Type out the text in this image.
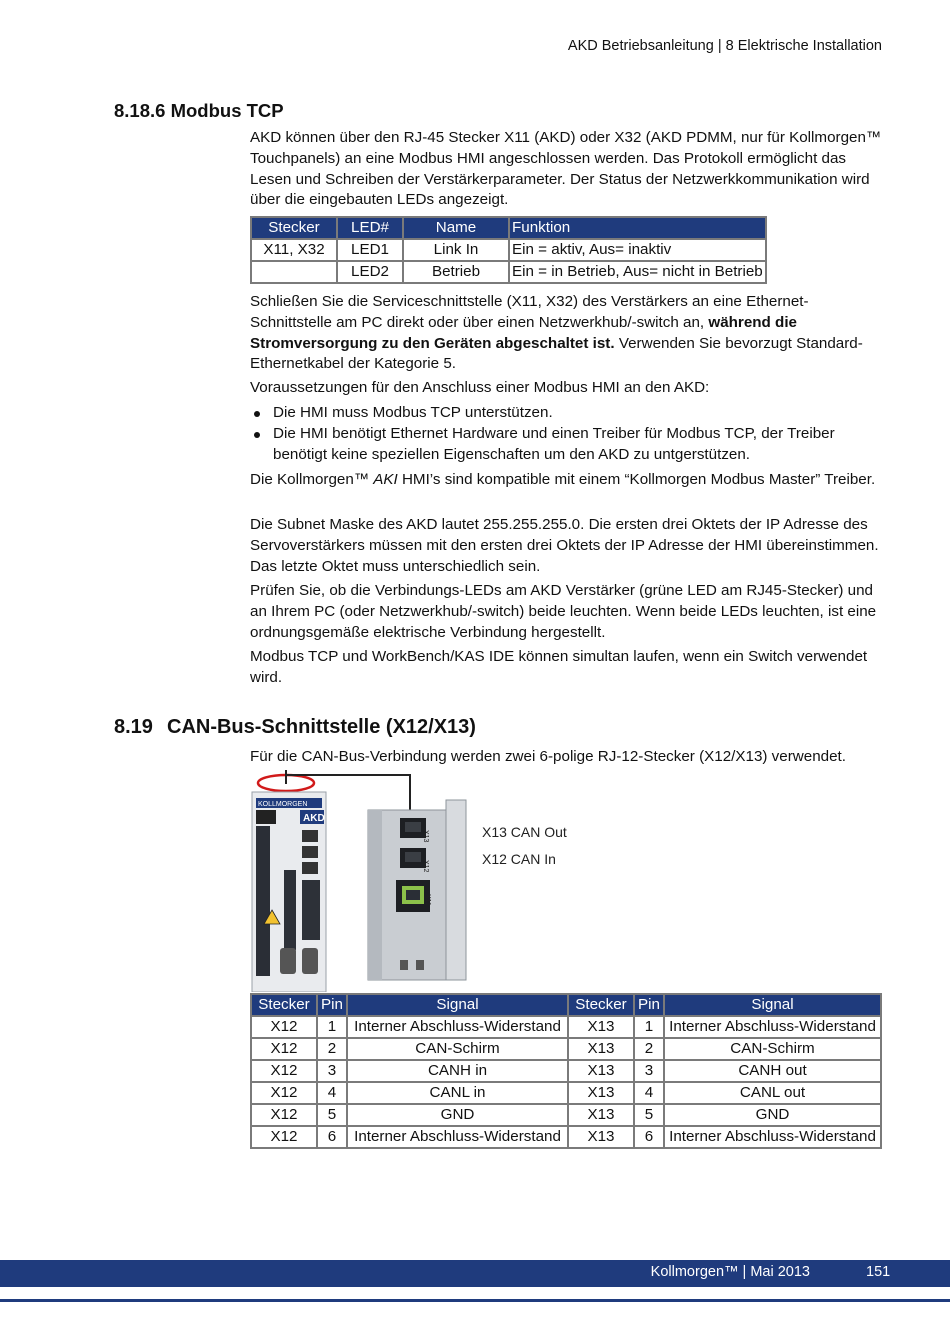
AKD Betriebsanleitung | 8 Elektrische Installation
8.18.6 Modbus TCP
AKD können über den RJ-45 Stecker X11 (AKD) oder X32 (AKD PDMM, nur für Kollmorgen™ Touchpanels) an eine Modbus HMI angeschlossen werden. Das Protokoll ermöglicht das Lesen und Schreiben der Verstärkerparameter. Der Status der Netzwerkkommunikation wird über die eingebauten LEDs angezeigt.
Stecker	LED#	Name	Funktion
X11, X32	LED1	Link In	Ein = aktiv, Aus= inaktiv
	LED2	Betrieb	Ein = in Betrieb, Aus= nicht in Betrieb
Schließen Sie die Serviceschnittstelle (X11, X32) des Verstärkers an eine Ethernet-Schnittstelle am PC direkt oder über einen Netzwerkhub/-switch an, während die Stromversorgung zu den Geräten abgeschaltet ist. Verwenden Sie bevorzugt Standard-Ethernetkabel der Kategorie 5.
Voraussetzungen für den Anschluss einer Modbus HMI an den AKD:
Die HMI muss Modbus TCP unterstützen.
Die HMI benötigt Ethernet Hardware und einen Treiber für Modbus TCP, der Treiber benötigt keine speziellen Eigenschaften um den AKD zu untgerstützen.
Die Kollmorgen™ AKI HMI’s sind kompatible mit einem “Kollmorgen Modbus Master” Treiber.
Die Subnet Maske des AKD lautet 255.255.255.0. Die ersten drei Oktets der IP Adresse des Servoverstärkers müssen mit den ersten drei Oktets der IP Adresse der HMI übereinstimmen. Das letzte Oktet muss unterschiedlich sein.
Prüfen Sie, ob die Verbindungs-LEDs am AKD Verstärker (grüne LED am RJ45-Stecker) und an Ihrem PC (oder Netzwerkhub/-switch) beide leuchten. Wenn beide LEDs leuchten, ist eine ordnungsgemäße elektrische Verbindung hergestellt.
Modbus TCP und WorkBench/KAS IDE können simultan laufen, wenn ein Switch verwendet wird.
8.19 CAN-Bus-Schnittstelle (X12/X13)
Für die CAN-Bus-Verbindung werden zwei 6-polige RJ-12-Stecker (X12/X13) verwendet.
KOLLMORGEN
AKD
X13
X12
X11
X13 CAN Out
X12 CAN In
Stecker	Pin	Signal	Stecker	Pin	Signal
X12	1	Interner Abschluss-Widerstand	X13	1	Interner Abschluss-Widerstand
X12	2	CAN-Schirm	X13	2	CAN-Schirm
X12	3	CANH in	X13	3	CANH out
X12	4	CANL in	X13	4	CANL out
X12	5	GND	X13	5	GND
X12	6	Interner Abschluss-Widerstand	X13	6	Interner Abschluss-Widerstand
Kollmorgen™ | Mai 2013	151
